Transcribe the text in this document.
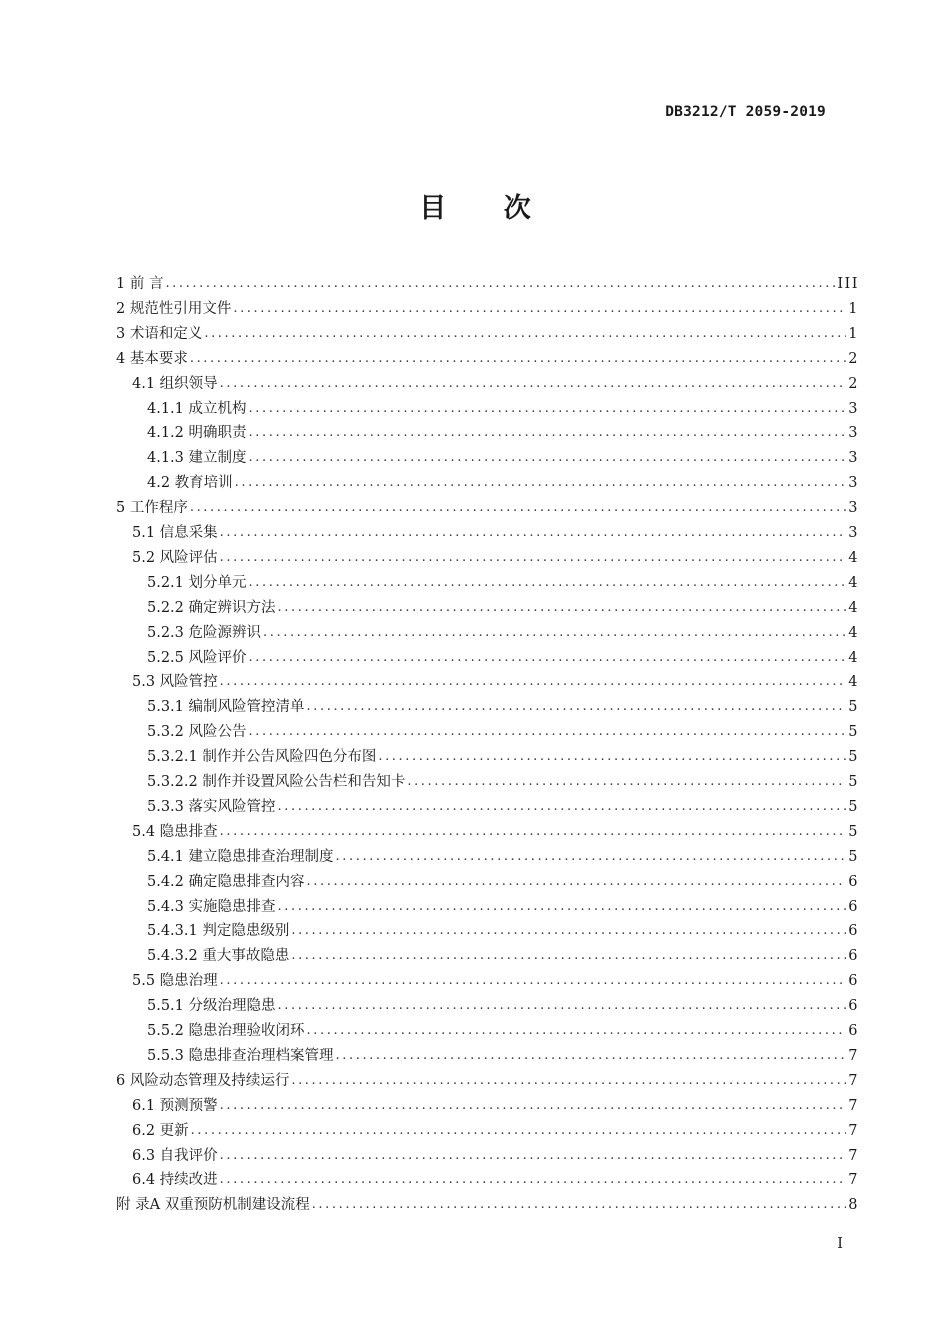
DB3212/T 2059-2019
目 次
1 前 言 .....	III
2 规范性引用文件 .....	1
3 术语和定义 .....	1
4 基本要求 .....	2
4.1 组织领导 .....	2
4.1.1 成立机构 .....	3
4.1.2 明确职责 .....	3
4.1.3 建立制度 .....	3
4.2 教育培训 .....	3
5 工作程序 .....	3
5.1 信息采集 .....	3
5.2 风险评估 .....	4
5.2.1 划分单元 .....	4
5.2.2 确定辨识方法 .....	4
5.2.3 危险源辨识 .....	4
5.2.5 风险评价 .....	4
5.3 风险管控 .....	4
5.3.1 编制风险管控清单 .....	5
5.3.2 风险公告 .....	5
5.3.2.1 制作并公告风险四色分布图 .....	5
5.3.2.2 制作并设置风险公告栏和告知卡 .....	5
5.3.3 落实风险管控 .....	5
5.4 隐患排查 .....	5
5.4.1 建立隐患排查治理制度 .....	5
5.4.2 确定隐患排查内容 .....	6
5.4.3 实施隐患排查 .....	6
5.4.3.1 判定隐患级别 .....	6
5.4.3.2 重大事故隐患 .....	6
5.5 隐患治理 .....	6
5.5.1 分级治理隐患 .....	6
5.5.2 隐患治理验收闭环 .....	6
5.5.3 隐患排查治理档案管理 .....	7
6 风险动态管理及持续运行 .....	7
6.1 预测预警 .....	7
6.2 更新 .....	7
6.3 自我评价 .....	7
6.4 持续改进 .....	7
附 录A 双重预防机制建设流程 .....	8
I
